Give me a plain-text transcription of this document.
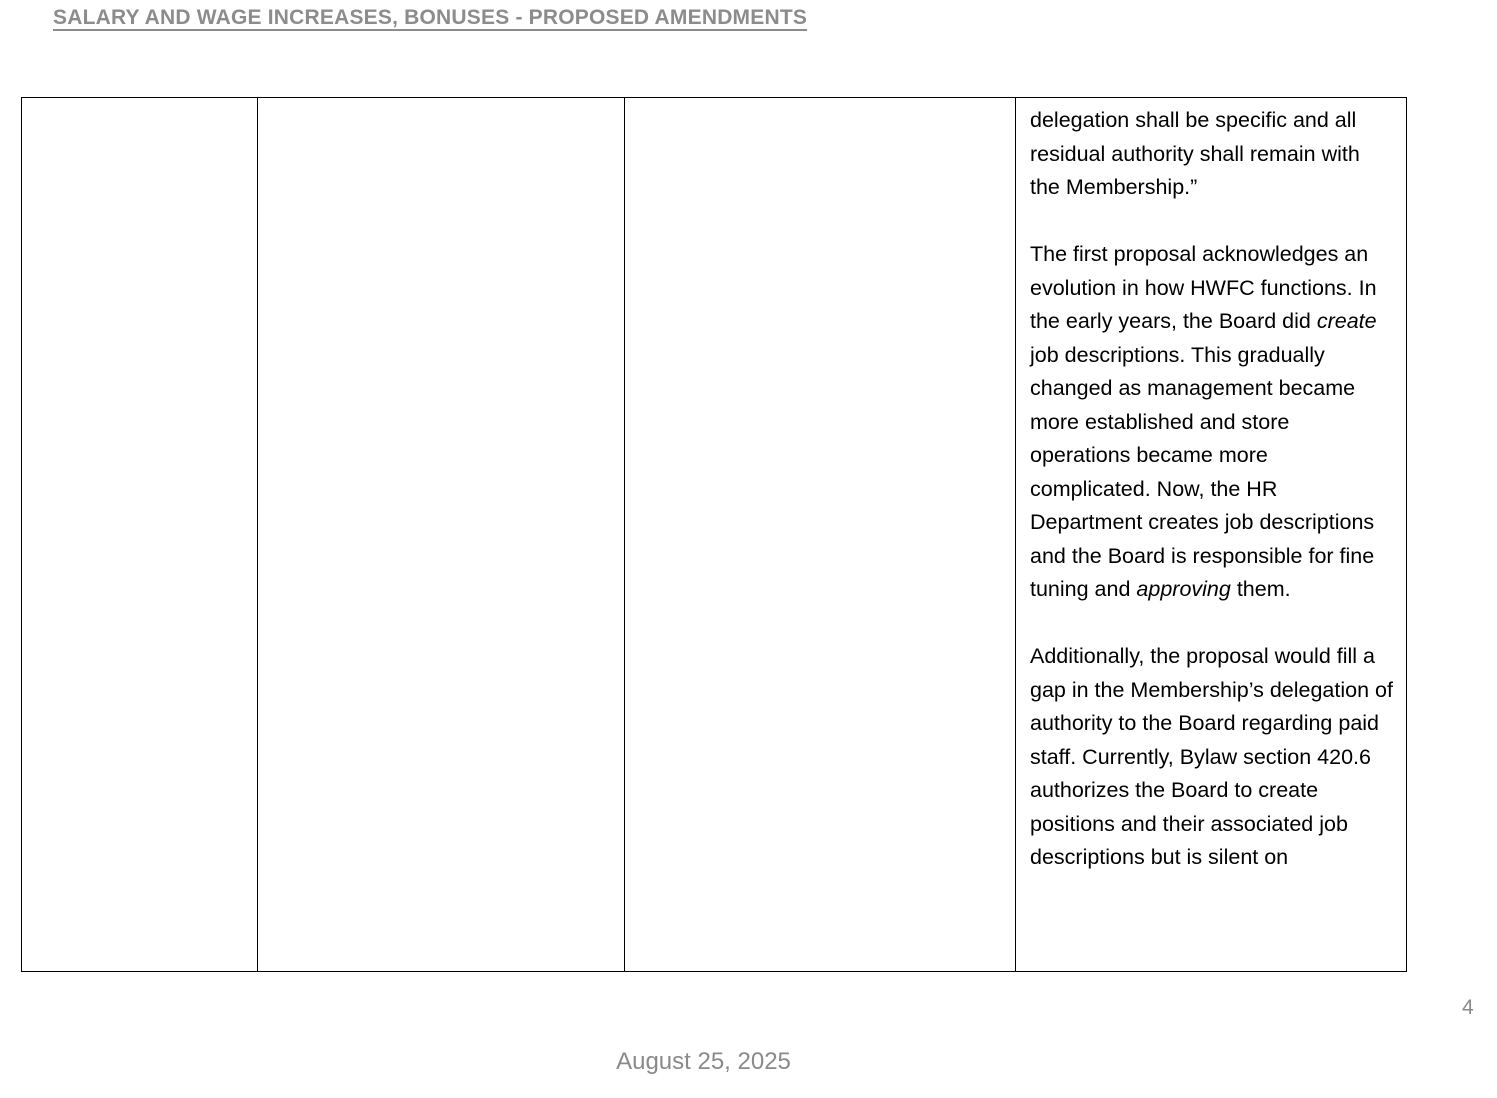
SALARY AND WAGE INCREASES, BONUSES - PROPOSED AMENDMENTS

delegation shall be specific and all residual authority shall remain with the Membership.”

The first proposal acknowledges an evolution in how HWFC functions. In the early years, the Board did create job descriptions. This gradually changed as management became more established and store operations became more complicated. Now, the HR Department creates job descriptions and the Board is responsible for fine tuning and approving them.

Additionally, the proposal would fill a gap in the Membership’s delegation of authority to the Board regarding paid staff. Currently, Bylaw section 420.6 authorizes the Board to create positions and their associated job descriptions but is silent on

4
August 25, 2025
